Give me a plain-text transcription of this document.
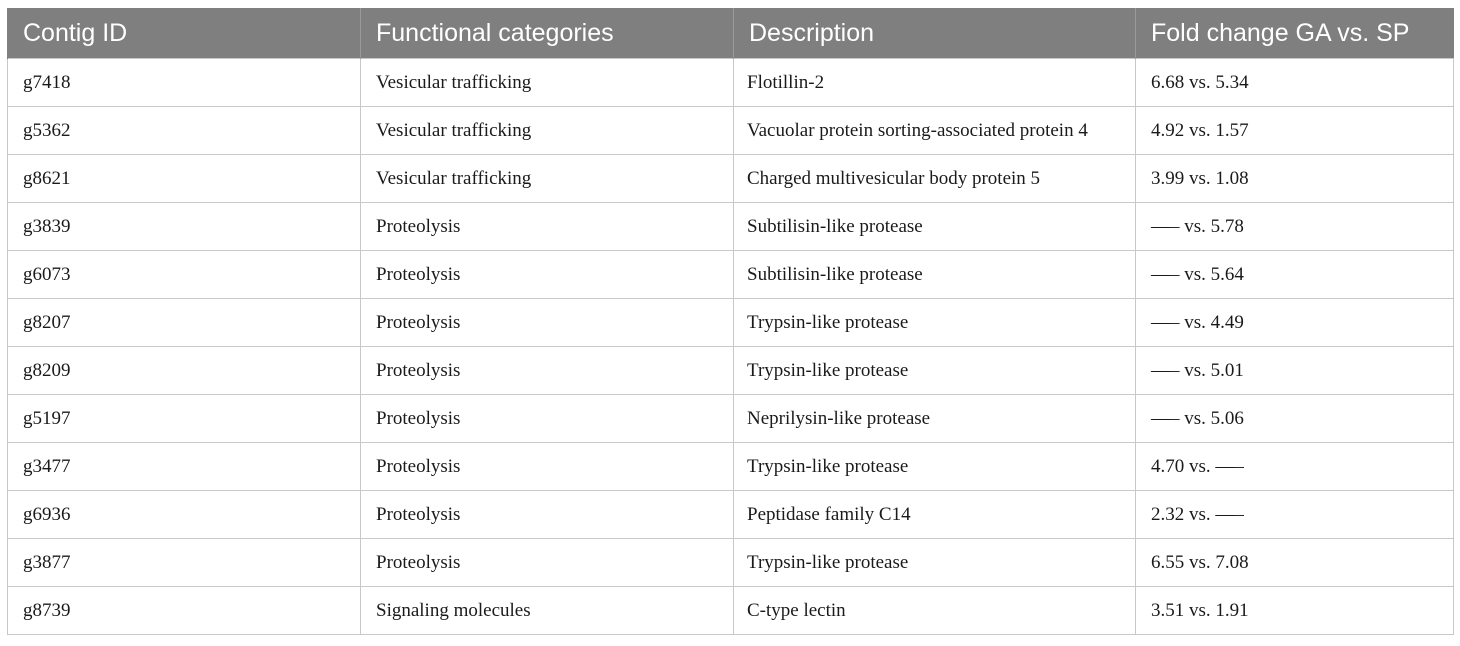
Contig ID	Functional categories	Description	Fold change GA vs. SP
g7418	Vesicular trafficking	Flotillin-2	6.68 vs. 5.34
g5362	Vesicular trafficking	Vacuolar protein sorting-associated protein 4	4.92 vs. 1.57
g8621	Vesicular trafficking	Charged multivesicular body protein 5	3.99 vs. 1.08
g3839	Proteolysis	Subtilisin-like protease	—– vs. 5.78
g6073	Proteolysis	Subtilisin-like protease	—– vs. 5.64
g8207	Proteolysis	Trypsin-like protease	—– vs. 4.49
g8209	Proteolysis	Trypsin-like protease	—– vs. 5.01
g5197	Proteolysis	Neprilysin-like protease	—– vs. 5.06
g3477	Proteolysis	Trypsin-like protease	4.70 vs. —–
g6936	Proteolysis	Peptidase family C14	2.32 vs. —–
g3877	Proteolysis	Trypsin-like protease	6.55 vs. 7.08
g8739	Signaling molecules	C-type lectin	3.51 vs. 1.91
